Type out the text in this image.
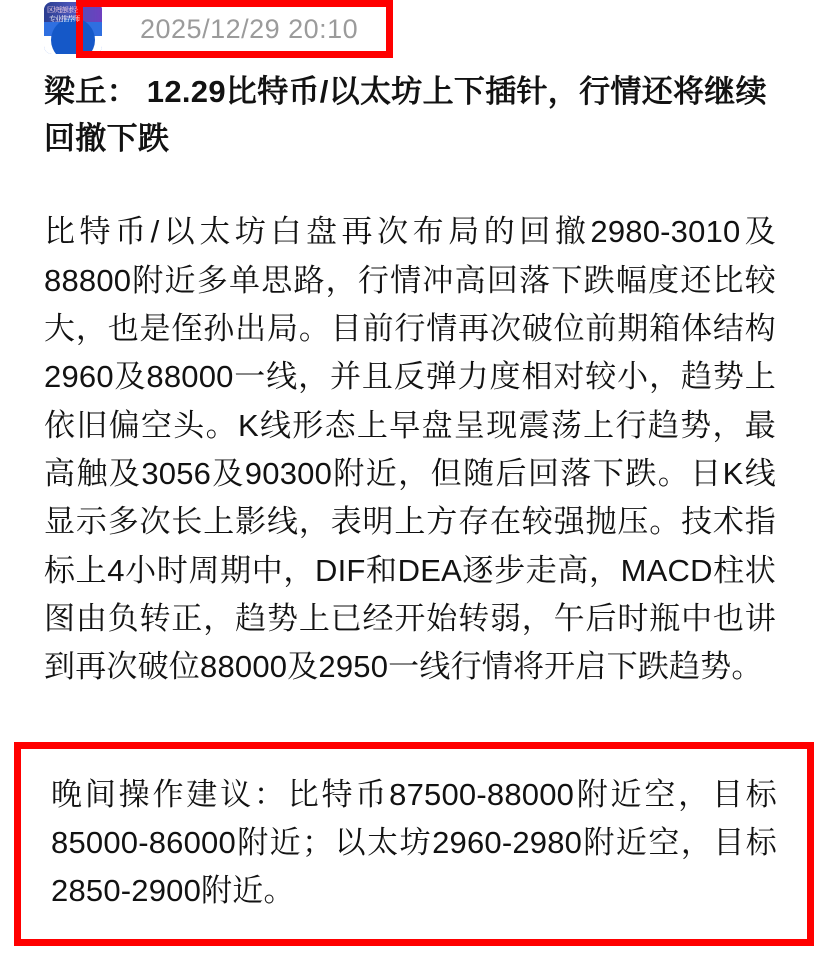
区块链财经
专业推荐师 2025/12/29 20:10
梁丘： 12.29比特币/以太坊上下插针，行情还将继续回撤下跌

比特币/以太坊白盘再次布局的回撤2980-3010及88800附近多单思路，行情冲高回落下跌幅度还比较大，也是侄孙出局。目前行情再次破位前期箱体结构2960及88000一线，并且反弹力度相对较小，趋势上依旧偏空头。K线形态上早盘呈现震荡上行趋势，最高触及3056及90300附近，但随后回落下跌。日K线显示多次长上影线，表明上方存在较强抛压。技术指标上4小时周期中，DIF和DEA逐步走高，MACD柱状图由负转正，趋势上已经开始转弱，午后时瓶中也讲到再次破位88000及2950一线行情将开启下跌趋势。

晚间操作建议：比特币87500-88000附近空，目标85000-86000附近；以太坊2960-2980附近空，目标2850-2900附近。
